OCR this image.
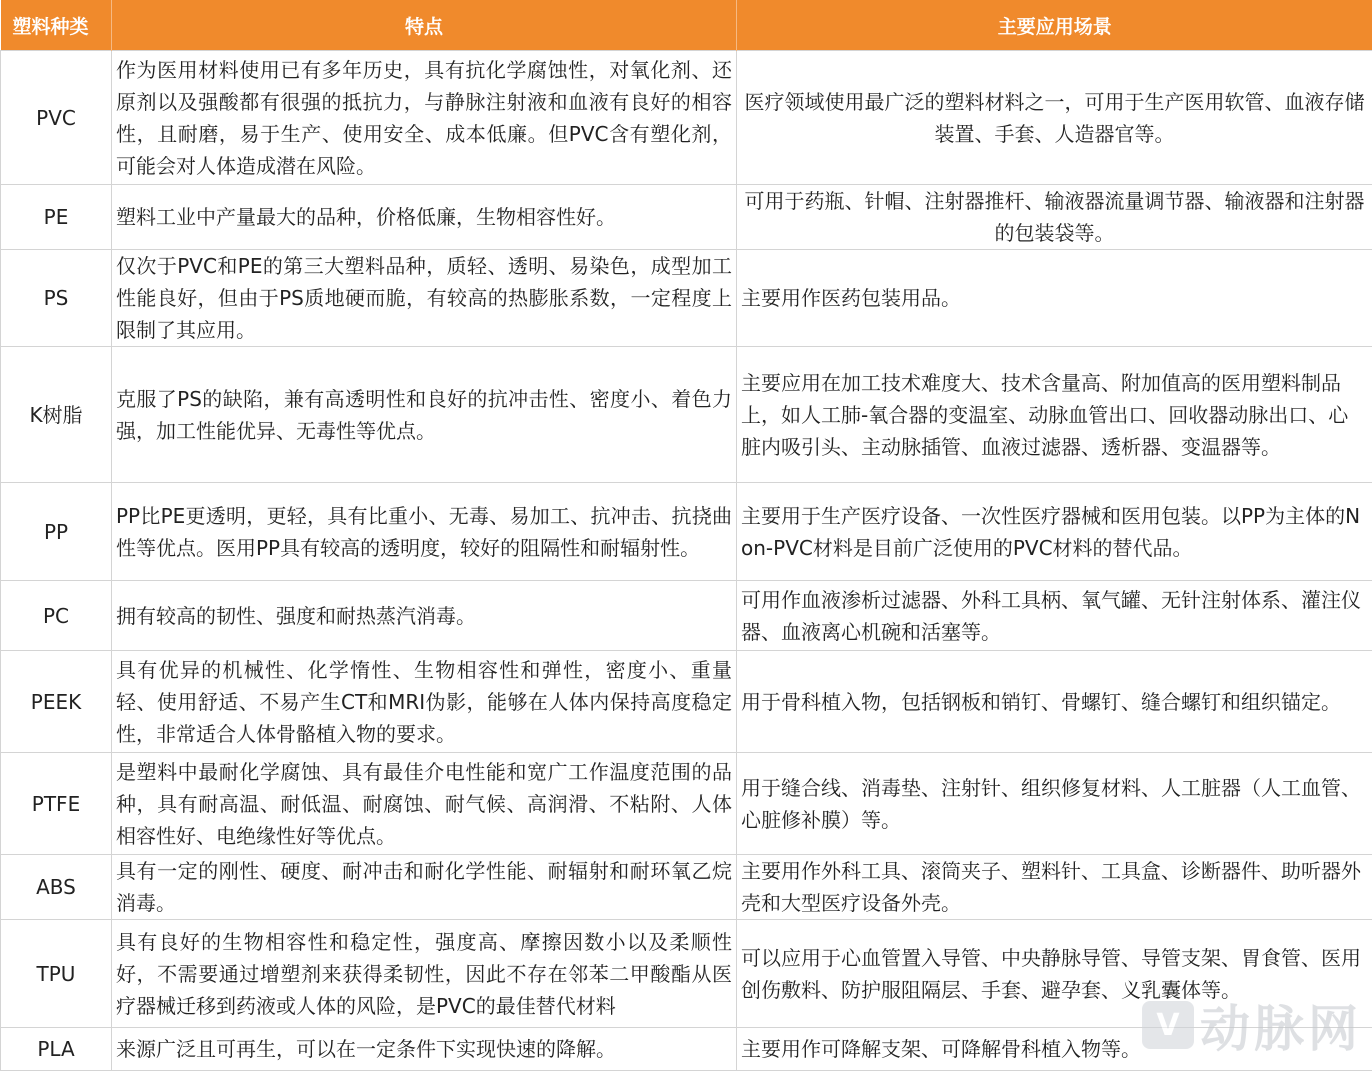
塑料种类	特点	主要应用场景
PVC	作为医用材料使用已有多年历史，具有抗化学腐蚀性，对氧化剂、还原剂以及强酸都有很强的抵抗力，与静脉注射液和血液有良好的相容性，且耐磨，易于生产、使用安全、成本低廉。但PVC含有塑化剂，可能会对人体造成潜在风险。	医疗领域使用最广泛的塑料材料之一，可用于生产医用软管、血液存储装置、手套、人造器官等。
PE	塑料工业中产量最大的品种，价格低廉，生物相容性好。	可用于药瓶、针帽、注射器推杆、输液器流量调节器、输液器和注射器的包装袋等。
PS	仅次于PVC和PE的第三大塑料品种，质轻、透明、易染色，成型加工性能良好，但由于PS质地硬而脆，有较高的热膨胀系数，一定程度上限制了其应用。	主要用作医药包装用品。
K树脂	克服了PS的缺陷，兼有高透明性和良好的抗冲击性、密度小、着色力强，加工性能优异、无毒性等优点。	主要应用在加工技术难度大、技术含量高、附加值高的医用塑料制品上，如人工肺-氧合器的变温室、动脉血管出口、回收器动脉出口、心脏内吸引头、主动脉插管、血液过滤器、透析器、变温器等。
PP	PP比PE更透明，更轻，具有比重小、无毒、易加工、抗冲击、抗挠曲性等优点。医用PP具有较高的透明度，较好的阻隔性和耐辐射性。	主要用于生产医疗设备、一次性医疗器械和医用包装。以PP为主体的Non-PVC材料是目前广泛使用的PVC材料的替代品。
PC	拥有较高的韧性、强度和耐热蒸汽消毒。	可用作血液渗析过滤器、外科工具柄、氧气罐、无针注射体系、灌注仪器、血液离心机碗和活塞等。
PEEK	具有优异的机械性、化学惰性、生物相容性和弹性，密度小、重量轻、使用舒适、不易产生CT和MRI伪影，能够在人体内保持高度稳定性，非常适合人体骨骼植入物的要求。	用于骨科植入物，包括钢板和销钉、骨螺钉、缝合螺钉和组织锚定。
PTFE	是塑料中最耐化学腐蚀、具有最佳介电性能和宽广工作温度范围的品种，具有耐高温、耐低温、耐腐蚀、耐气候、高润滑、不粘附、人体相容性好、电绝缘性好等优点。	用于缝合线、消毒垫、注射针、组织修复材料、人工脏器（人工血管、心脏修补膜）等。
ABS	具有一定的刚性、硬度、耐冲击和耐化学性能、耐辐射和耐环氧乙烷消毒。	主要用作外科工具、滚筒夹子、塑料针、工具盒、诊断器件、助听器外壳和大型医疗设备外壳。
TPU	具有良好的生物相容性和稳定性，强度高、摩擦因数小以及柔顺性好，不需要通过增塑剂来获得柔韧性，因此不存在邻苯二甲酸酯从医疗器械迁移到药液或人体的风险，是PVC的最佳替代材料	可以应用于心血管置入导管、中央静脉导管、导管支架、胃食管、医用创伤敷料、防护服阻隔层、手套、避孕套、义乳囊体等。
PLA	来源广泛且可再生，可以在一定条件下实现快速的降解。	主要用作可降解支架、可降解骨科植入物等。
V 动脉网
